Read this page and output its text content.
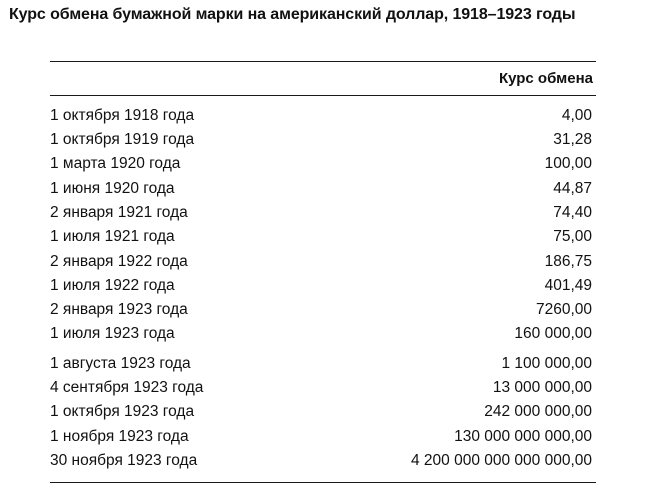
Курс обмена бумажной марки на американский доллар, 1918–1923 годы
Курс обмена
1 октября 1918 года	4,00
1 октября 1919 года	31,28
1 марта 1920 года	100,00
1 июня 1920 года	44,87
2 января 1921 года	74,40
1 июля 1921 года	75,00
2 января 1922 года	186,75
1 июля 1922 года	401,49
2 января 1923 года	7260,00
1 июля 1923 года	160 000,00
1 августа 1923 года	1 100 000,00
4 сентября 1923 года	13 000 000,00
1 октября 1923 года	242 000 000,00
1 ноября 1923 года	130 000 000 000,00
30 ноября 1923 года	4 200 000 000 000 000,00
